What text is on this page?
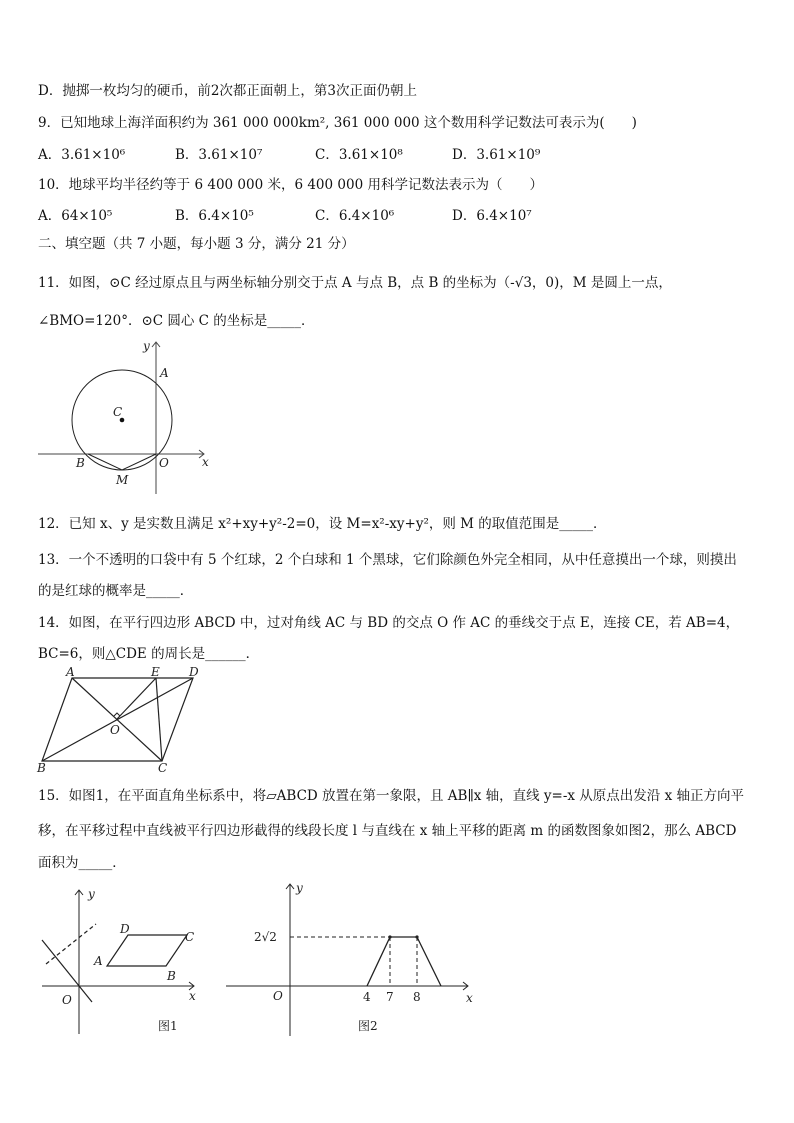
D．抛掷一枚均匀的硬币，前2次都正面朝上，第3次正面仍朝上
9．已知地球上海洋面积约为 361 000 000km², 361 000 000 这个数用科学记数法可表示为(　　)
A．3.61×10⁶	B．3.61×10⁷	C．3.61×10⁸	D．3.61×10⁹
10．地球平均半径约等于 6 400 000 米，6 400 000 用科学记数法表示为（　　）
A．64×10⁵	B．6.4×10⁵	C．6.4×10⁶	D．6.4×10⁷
二、填空题（共 7 小题，每小题 3 分，满分 21 分）
11．如图，⊙C 经过原点且与两坐标轴分别交于点 A 与点 B，点 B 的坐标为（-√3，0)，M 是圆上一点，
∠BMO=120°．⊙C 圆心 C 的坐标是_____．
y
x
A
C
B	O
M
12．已知 x、y 是实数且满足 x²+xy+y²-2=0，设 M=x²-xy+y²，则 M 的取值范围是_____．
13．一个不透明的口袋中有 5 个红球，2 个白球和 1 个黑球，它们除颜色外完全相同，从中任意摸出一个球，则摸出
的是红球的概率是_____．
14．如图，在平行四边形 ABCD 中，过对角线 AC 与 BD 的交点 O 作 AC 的垂线交于点 E，连接 CE，若 AB=4，
BC=6，则△CDE 的周长是______．
A	E D
O
B	C
15．如图1，在平面直角坐标系中，将▱ABCD 放置在第一象限，且 AB∥x 轴，直线 y=-x 从原点出发沿 x 轴正方向平
移，在平移过程中直线被平行四边形截得的线段长度 l 与直线在 x 轴上平移的距离 m 的函数图象如图2，那么 ABCD
面积为_____．
y
x
D
C
A
B
O
图1
y
x
O
2√2
4 7 8
图2
